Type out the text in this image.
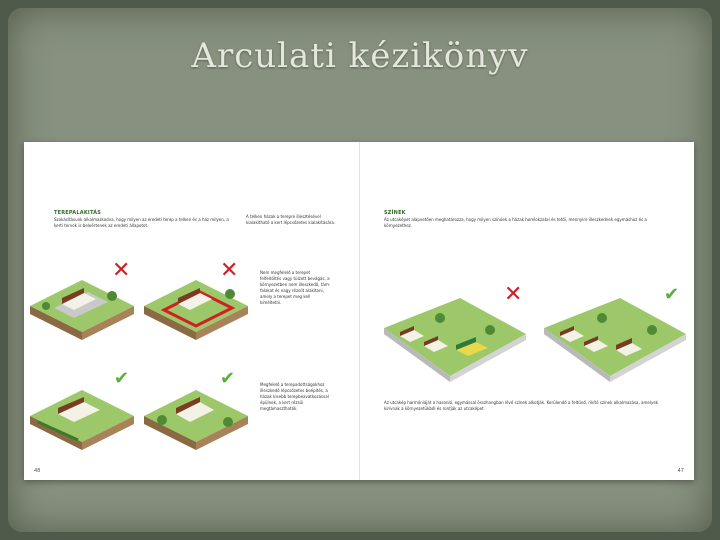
Arculati kézikönyv
TEREPALAKITÁS
Szokásításunk alkalmazkodva, hogy milyen az eredeti terep a telken és a ház milyen, a kerti tervek is beleértenek az eredeti állapotot.
A telken házak a terepre illesztésével kialakítható a kert lépcsőzetes kialakítására.
Nem megfelelő a terepet felfeltöltés vagy túlzott bevágás, a környezetben nem illeszkedő, tám- falakat és nagy rézsűt alakítani, amely a terepet meg kell kíméltetni.
Megfelelő a terepadottságokhoz illeszkedő lépcsőzetes beépítés, a házak kisebb terepbeavatkozással épülnek, a kert rézsűi megtámaszthatók.
48
✕	✕
✔	✔
SZÍNEK
Az utcaképet alapvetően meghatározza, hogy milyen színűek a házak homlokzatai és tetői, mennyire illeszkednek egymáshoz és a környezethez.
✕	✔
Az utcakép harmóniáját a hasonló, egymással összhangban lévő színek alkotják. Kerülendő a feltűnő, rikító színek alkalmazása, amelyek kirívnak a környezetükből és rontják az utcaképet.
47
